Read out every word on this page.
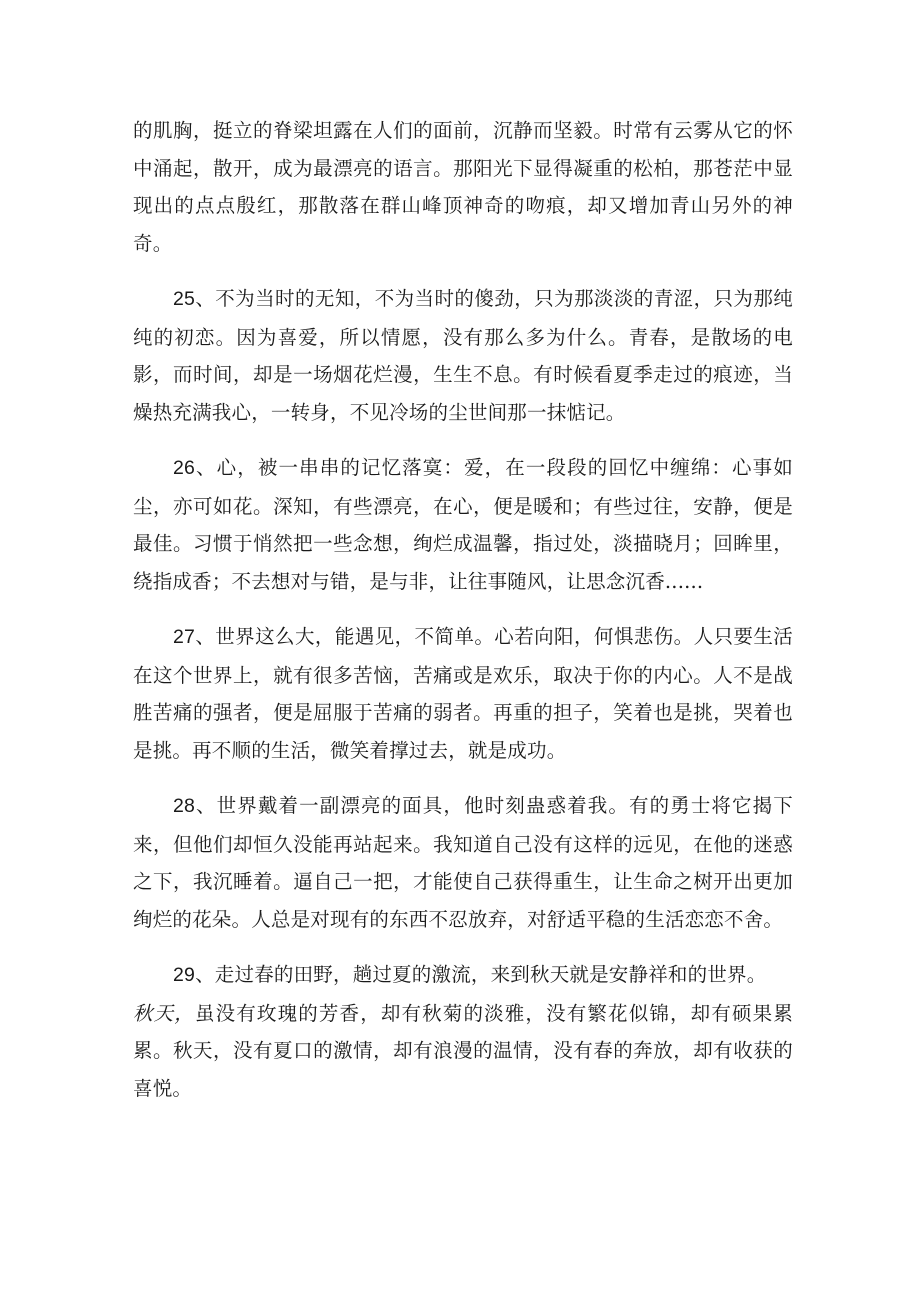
的肌胸，挺立的脊梁坦露在人们的面前，沉静而坚毅。时常有云雾从它的怀中涌起，散开，成为最漂亮的语言。那阳光下显得凝重的松柏，那苍茫中显现出的点点殷红，那散落在群山峰顶神奇的吻痕，却又增加青山另外的神奇。

25、不为当时的无知，不为当时的傻劲，只为那淡淡的青涩，只为那纯纯的初恋。因为喜爱，所以情愿，没有那么多为什么。青春，是散场的电影，而时间，却是一场烟花烂漫，生生不息。有时候看夏季走过的痕迹，当燥热充满我心，一转身，不见冷场的尘世间那一抹惦记。

26、心，被一串串的记忆落寞：爱，在一段段的回忆中缠绵：心事如尘，亦可如花。深知，有些漂亮，在心，便是暖和；有些过往，安静，便是最佳。习惯于悄然把一些念想，绚烂成温馨，指过处，淡描晓月；回眸里，绕指成香；不去想对与错，是与非，让往事随风，让思念沉香......

27、世界这么大，能遇见，不简单。心若向阳，何惧悲伤。人只要生活在这个世界上，就有很多苦恼，苦痛或是欢乐，取决于你的内心。人不是战胜苦痛的强者，便是屈服于苦痛的弱者。再重的担子，笑着也是挑，哭着也是挑。再不顺的生活，微笑着撑过去，就是成功。

28、世界戴着一副漂亮的面具，他时刻蛊惑着我。有的勇士将它揭下来，但他们却恒久没能再站起来。我知道自己没有这样的远见，在他的迷惑之下，我沉睡着。逼自己一把，才能使自己获得重生，让生命之树开出更加绚烂的花朵。人总是对现有的东西不忍放弃，对舒适平稳的生活恋恋不舍。

29、走过春的田野，趟过夏的激流，来到秋天就是安静祥和的世界。
秋天，虽没有玫瑰的芳香，却有秋菊的淡雅，没有繁花似锦，却有硕果累累。秋天，没有夏口的激情，却有浪漫的温情，没有春的奔放，却有收获的喜悦。
